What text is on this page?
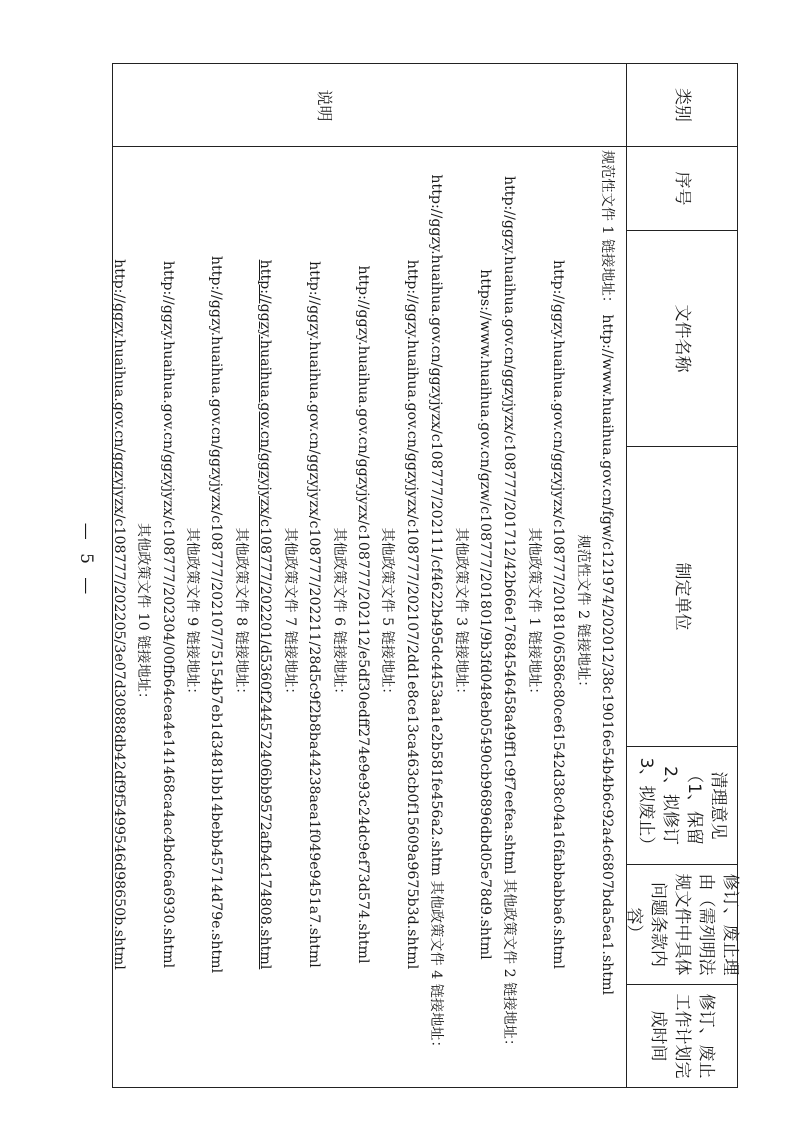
类别
序号
文件名称
制定单位
清理意见（1、保留 2、拟修订 3、拟废止）
修订、废止理由（需列明法规文件中具体问题条款内容）
修订、废止工作计划完成时间
说明
规范性文件 1 链接地址： http://www.huaihua.gov.cn/fgw/c121974/202012/38c19016e54b4b6c92a4c6807bda5ea1.shtml
规范性文件 2 链接地址：
http://ggzy.huaihua.gov.cn/ggzyjyzx/c108777/201810/6586c80ce61542d38c04a16fabbabba6.shtml
其他政策文件 1 链接地址：
http://ggzy.huaihua.gov.cn/ggzyjyzx/c108777/201712/42b66e17684546458a49ff1c9f7eefea.shtml 其他政策文件 2 链接地址：
https://www.huaihua.gov.cn/gzw/c108777/201801/9b3fd048eb05490cb96896dbd05e78d9.shtml
其他政策文件 3 链接地址：
http://ggzy.huaihua.gov.cn/ggzyjyzx/c108777/202111/cf4622b495dc4453aa1e2b581fe456a2.shtm 其他政策文件 4 链接地址：
http://ggzy.huaihua.gov.cn/ggzyjyzx/c108777/202107/2dd1e8ce13ca463cb0f15609a9675b3d.shtml
其他政策文件 5 链接地址：
http://ggzy.huaihua.gov.cn/ggzyjyzx/c108777/202112/e5df30edff274e9e93c24dc9ef73d574.shtml
其他政策文件 6 链接地址：
http://ggzy.huaihua.gov.cn/ggzyjyzx/c108777/202211/28d5c9f2b8ba44238aea1f049e9451a7.shtml
其他政策文件 7 链接地址：
http://ggzy.huaihua.gov.cn/ggzyjyzx/c108777/202201/d5360f244572406bb9572afb4c174808.shtml
其他政策文件 8 链接地址：
http://ggzy.huaihua.gov.cn/ggzyjyzx/c108777/202107/75154b7eb1d3481bb14bebb45714d79e.shtml
其他政策文件 9 链接地址：
http://ggzy.huaihua.gov.cn/ggzyjyzx/c108777/202304/00fb64cea4e141468ca4ac4bdc6a6930.shtml
其他政策文件 10 链接地址：
http://ggzy.huaihua.gov.cn/ggzyjyzx/c108777/202205/3e07d30888db42df9f5499546d98650b.shtml
— 5 —
